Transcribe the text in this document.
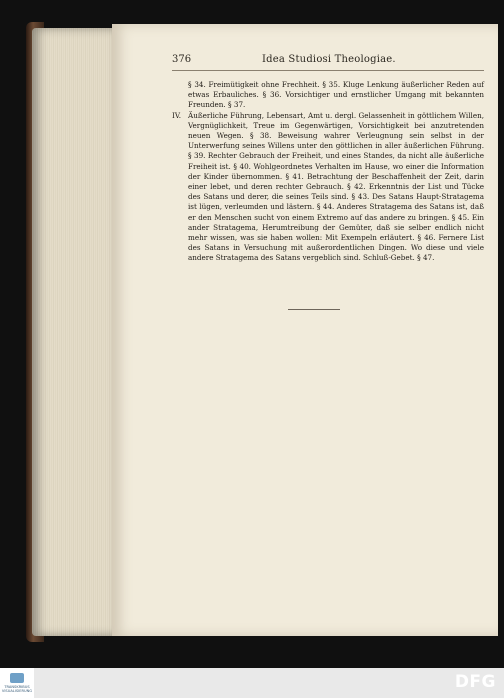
376	Idea Studiosi Theologiae.

§ 34. Freimütigkeit ohne Frechheit. § 35. Kluge Lenkung äußerlicher Reden auf etwas Erbauliches. § 36. Vorsichtiger und ernstlicher Umgang mit bekannten Freunden. § 37.

IV. Äußerliche Führung, Lebensart, Amt u. dergl. Gelassenheit in göttlichem Willen, Vergnüglichkeit, Treue im Gegenwärtigen, Vorsichtigkeit bei anzutretenden neuen Wegen. § 38. Beweisung wahrer Verleugnung sein selbst in der Unterwerfung seines Willens unter den göttlichen in aller äußerlichen Führung. § 39. Rechter Gebrauch der Freiheit, und eines Standes, da nicht alle äußerliche Freiheit ist. § 40. Wohlgeordnetes Verhalten im Hause, wo einer die Information der Kinder übernommen. § 41. Betrachtung der Beschaffenheit der Zeit, darin einer lebet, und deren rechter Gebrauch. § 42. Erkenntnis der List und Tücke des Satans und derer, die seines Teils sind. § 43. Des Satans Haupt-Stratagema ist lügen, verleumden und lästern. § 44. Anderes Stratagema des Satans ist, daß er den Menschen sucht von einem Extremo auf das andere zu bringen. § 45. Ein ander Stratagema, Herumtreibung der Gemüter, daß sie selber endlich nicht mehr wissen, was sie haben wollen: Mit Exempeln erläutert. § 46. Fernere List des Satans in Versuchung mit außerordentlichen Dingen. Wo diese und viele andere Stratagema des Satans vergeblich sind. Schluß-Gebet. § 47.

TRANSKRIBUS VISUALISIERUNG	DFG
